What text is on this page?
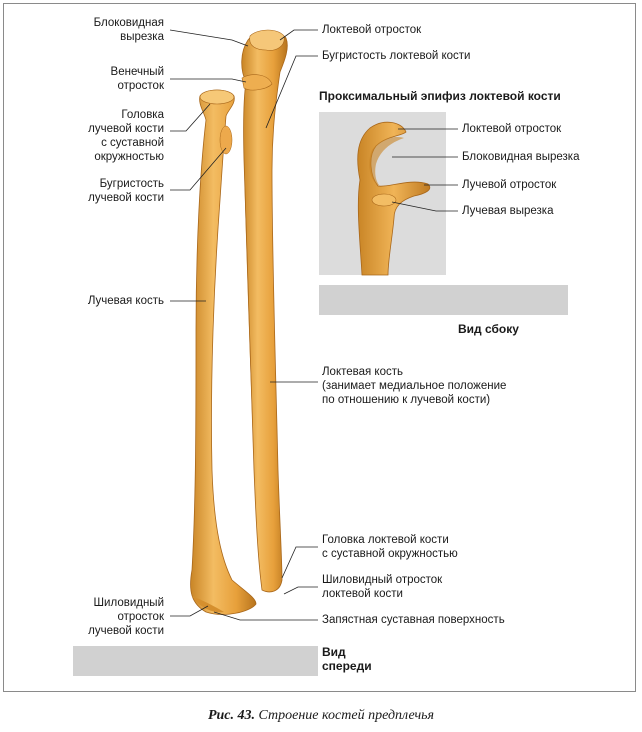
Блоковидная
вырезка
Венечный
отросток
Головка
лучевой кости
с суставной
окружностью
Бугристость
лучевой кости
Лучевая кость
Шиловидный
отросток
лучевой кости
Локтевой отросток
Бугристость локтевой кости
Локтевая кость
(занимает медиальное положение
по отношению к лучевой кости)
Головка локтевой кости
с суставной окружностью
Шиловидный отросток
локтевой кости
Запястная суставная поверхность
Проксимальный эпифиз локтевой кости
Локтевой отросток
Блоковидная вырезка
Лучевой отросток
Лучевая вырезка
Вид сбоку
Вид
спереди
Рис. 43. Строение костей предплечья
